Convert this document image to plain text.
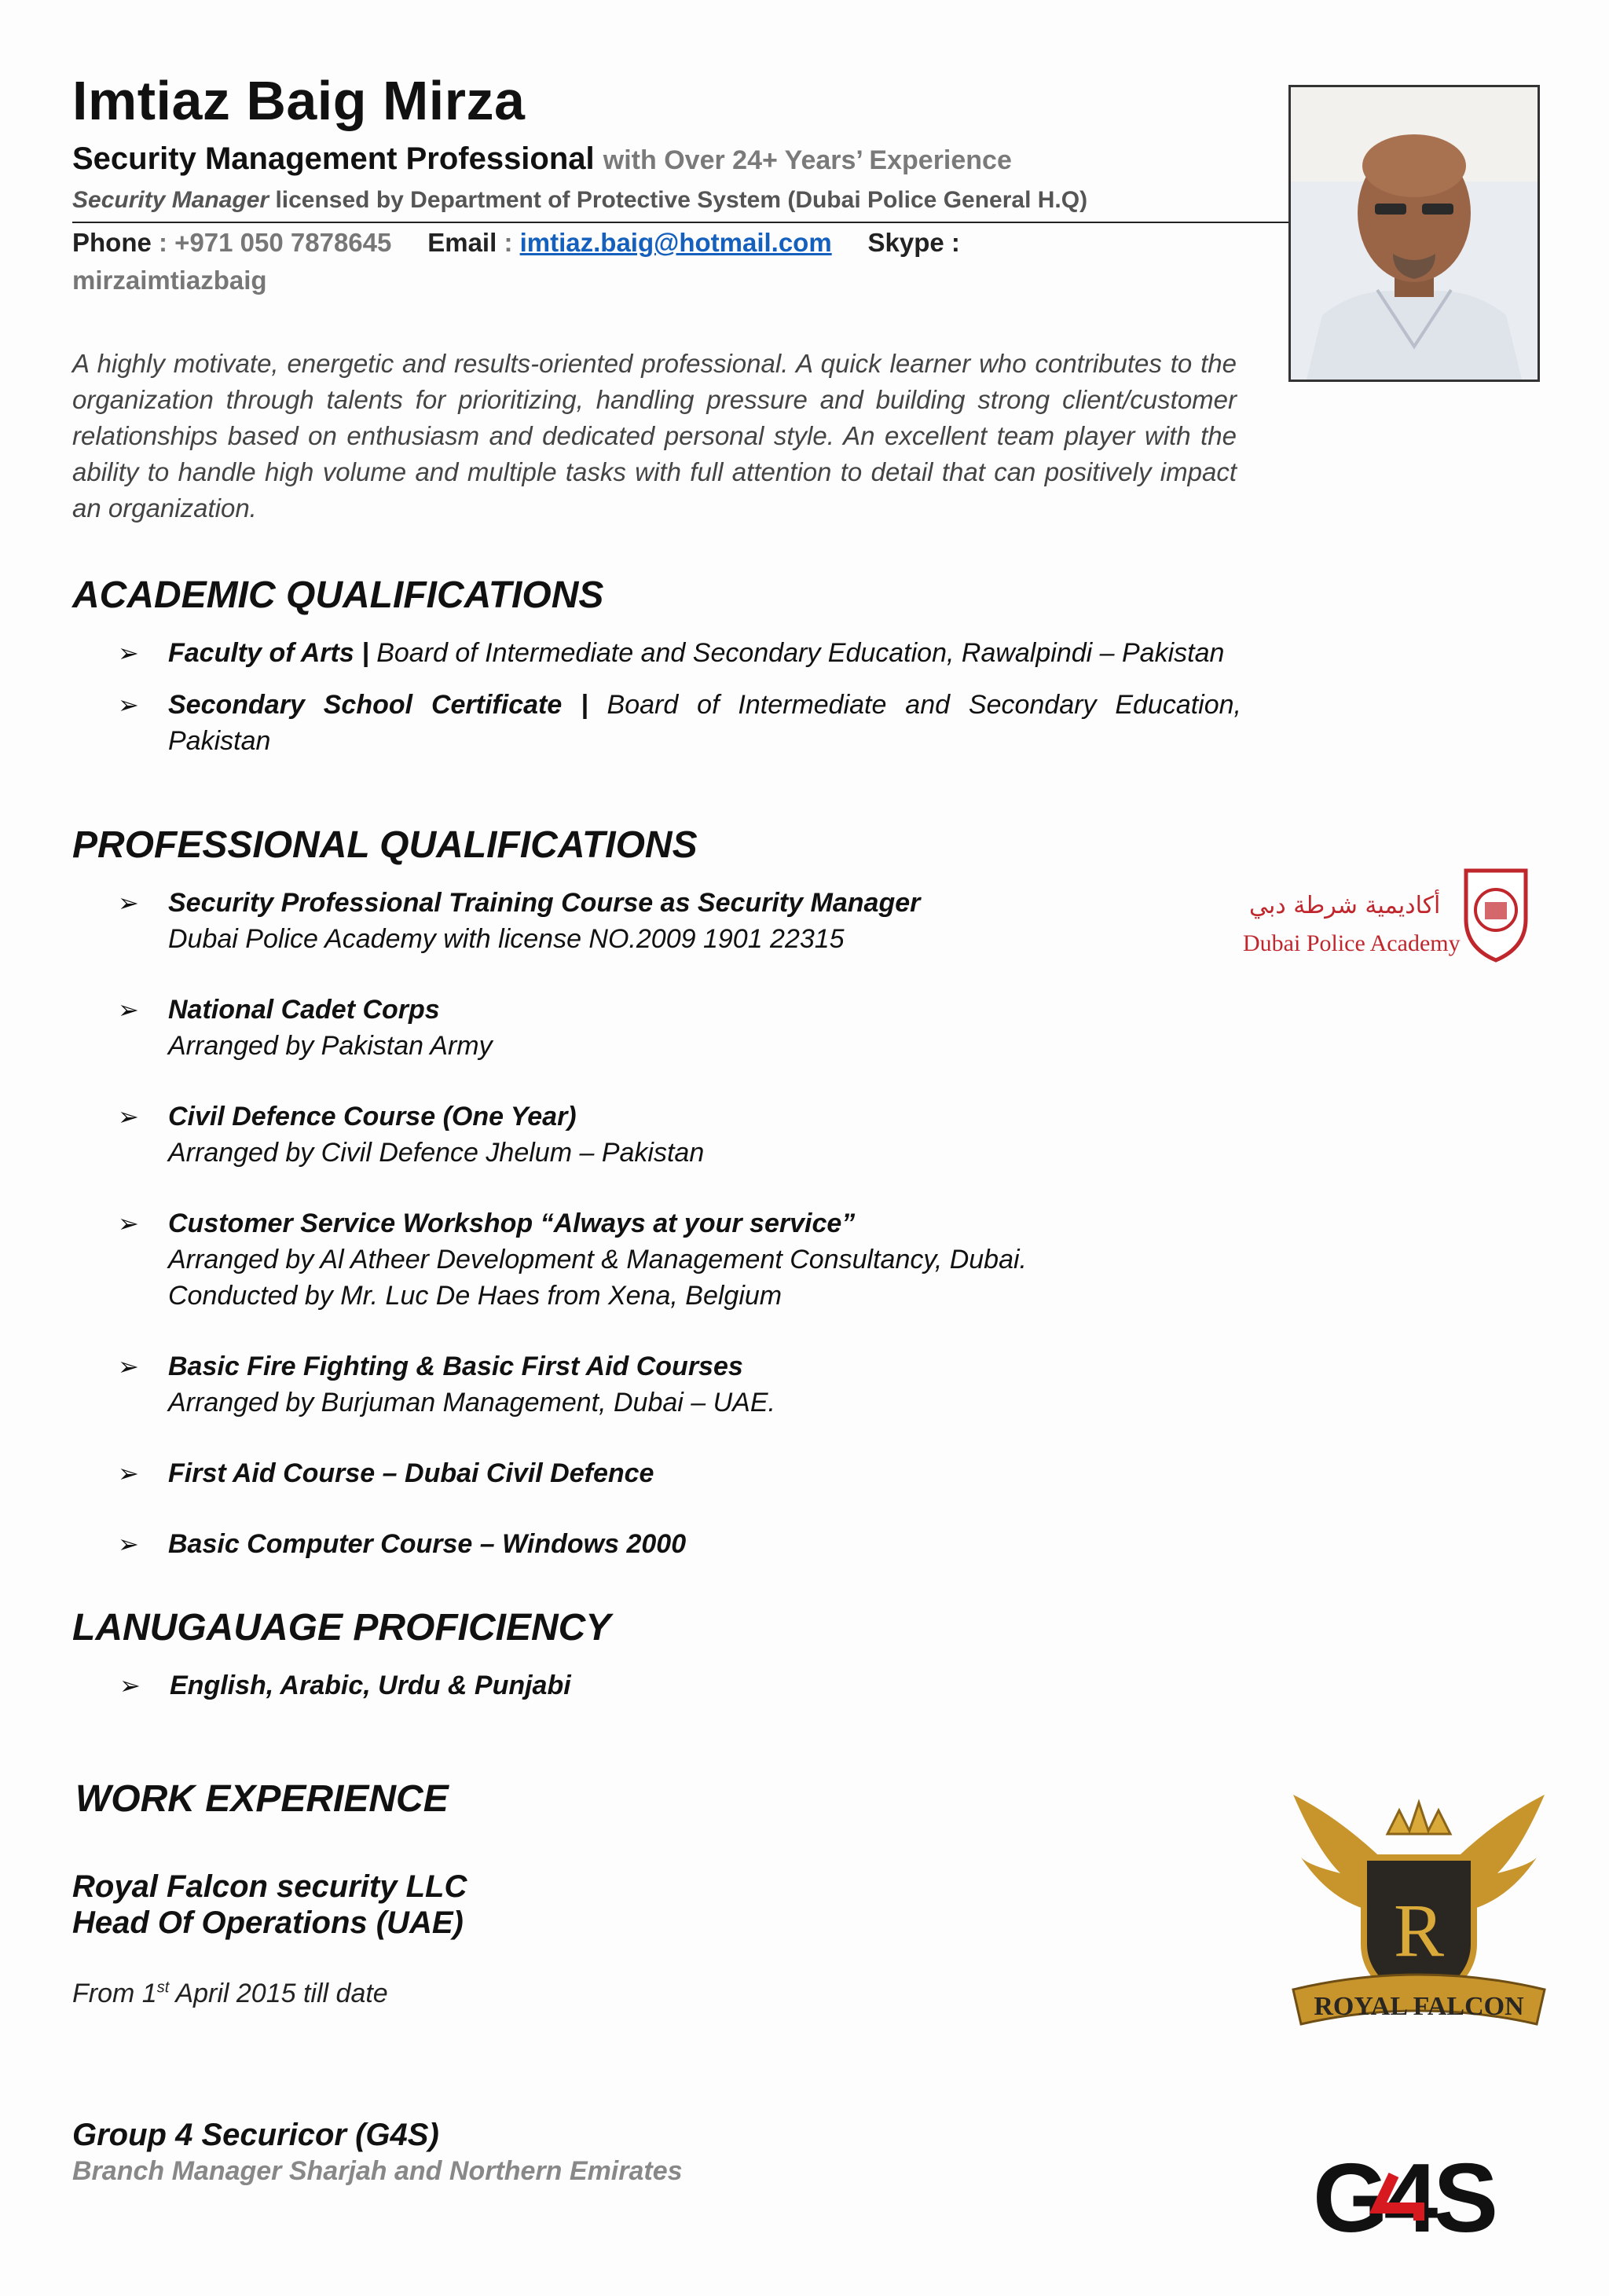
Imtiaz Baig Mirza
Security Management Professional with Over 24+ Years’ Experience
Security Manager licensed by Department of Protective System (Dubai Police General H.Q)
Phone : +971 050 7878645 Email : imtiaz.baig@hotmail.com Skype :
mirzaimtiazbaig
A highly motivate, energetic and results-oriented professional. A quick learner who contributes to the organization through talents for prioritizing, handling pressure and building strong client/customer relationships based on enthusiasm and dedicated personal style. An excellent team player with the ability to handle high volume and multiple tasks with full attention to detail that can positively impact an organization.
ACADEMIC QUALIFICATIONS
➢ Faculty of Arts | Board of Intermediate and Secondary Education, Rawalpindi – Pakistan
➢ Secondary School Certificate | Board of Intermediate and Secondary Education, Pakistan
PROFESSIONAL QUALIFICATIONS
➢ Security Professional Training Course as Security Manager
Dubai Police Academy with license NO.2009 1901 22315
➢ National Cadet Corps
Arranged by Pakistan Army
➢ Civil Defence Course (One Year)
Arranged by Civil Defence Jhelum – Pakistan
➢ Customer Service Workshop “Always at your service”
Arranged by Al Atheer Development & Management Consultancy, Dubai.
Conducted by Mr. Luc De Haes from Xena, Belgium
➢ Basic Fire Fighting & Basic First Aid Courses
Arranged by Burjuman Management, Dubai – UAE.
➢ First Aid Course – Dubai Civil Defence
➢ Basic Computer Course – Windows 2000
أكاديمية شرطة دبي
Dubai Police Academy
LANUGAUAGE PROFICIENCY
➢ English, Arabic, Urdu & Punjabi
WORK EXPERIENCE
Royal Falcon security LLC
Head Of Operations (UAE)
From 1st April 2015 till date
Group 4 Securicor (G4S)
Branch Manager Sharjah and Northern Emirates
R
ROYAL FALCON
G4S
